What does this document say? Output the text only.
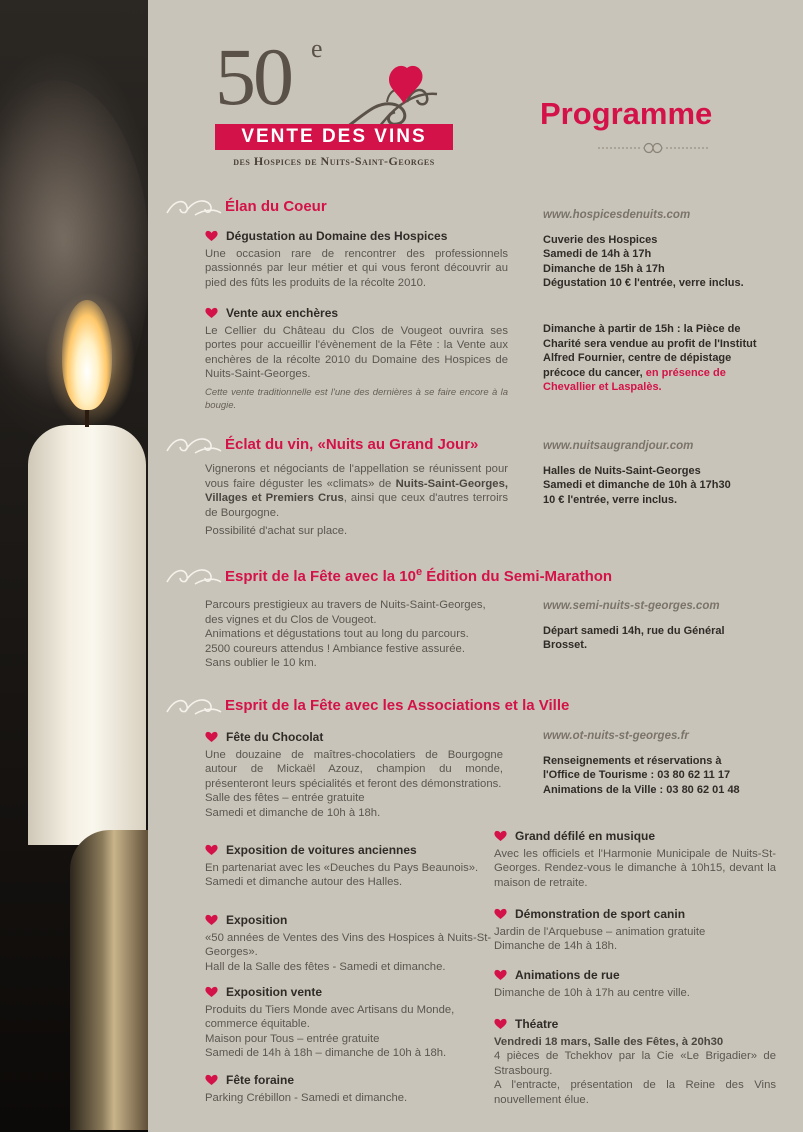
50 e
VENTE DES VINS
des Hospices de Nuits-Saint-Georges
Programme
Élan du Coeur
Dégustation au Domaine des Hospices
Une occasion rare de rencontrer des professionnels passionnés par leur métier et qui vous feront découvrir au pied des fûts les produits de la récolte 2010.
Vente aux enchères
Le Cellier du Château du Clos de Vougeot ouvrira ses portes pour accueillir l'évènement de la Fête : la Vente aux enchères de la récolte 2010 du Domaine des Hospices de Nuits-Saint-Georges.
Cette vente traditionnelle est l'une des dernières à se faire encore à la bougie.
www.hospicesdenuits.com
Cuverie des Hospices
Samedi de 14h à 17h
Dimanche de 15h à 17h
Dégustation 10 € l'entrée, verre inclus.
Dimanche à partir de 15h : la Pièce de Charité sera vendue au profit de l'Institut Alfred Fournier, centre de dépistage précoce du cancer, en présence de Chevallier et Laspalès.
Éclat du vin, «Nuits au Grand Jour»
Vignerons et négociants de l'appellation se réunissent pour vous faire déguster les «climats» de Nuits-Saint-Georges, Villages et Premiers Crus, ainsi que ceux d'autres terroirs de Bourgogne.
Possibilité d'achat sur place.
www.nuitsaugrandjour.com
Halles de Nuits-Saint-Georges
Samedi et dimanche de 10h à 17h30
10 € l'entrée, verre inclus.
Esprit de la Fête avec la 10e Édition du Semi-Marathon
Parcours prestigieux au travers de Nuits-Saint-Georges,
des vignes et du Clos de Vougeot.
Animations et dégustations tout au long du parcours.
2500 coureurs attendus ! Ambiance festive assurée.
Sans oublier le 10 km.
www.semi-nuits-st-georges.com
Départ samedi 14h, rue du Général Brosset.
Esprit de la Fête avec les Associations et la Ville
www.ot-nuits-st-georges.fr
Renseignements et réservations à
l'Office de Tourisme : 03 80 62 11 17
Animations de la Ville : 03 80 62 01 48
Fête du Chocolat
Une douzaine de maîtres-chocolatiers de Bourgogne autour de Mickaël Azouz, champion du monde, présenteront leurs spécialités et feront des démonstrations.
Salle des fêtes – entrée gratuite
Samedi et dimanche de 10h à 18h.
Exposition de voitures anciennes
En partenariat avec les «Deuches du Pays Beaunois».
Samedi et dimanche autour des Halles.
Exposition
«50 années de Ventes des Vins des Hospices à Nuits-St-Georges».
Hall de la Salle des fêtes - Samedi et dimanche.
Exposition vente
Produits du Tiers Monde avec Artisans du Monde, commerce équitable.
Maison pour Tous – entrée gratuite
Samedi de 14h à 18h – dimanche de 10h à 18h.
Fête foraine
Parking Crébillon - Samedi et dimanche.
Grand défilé en musique
Avec les officiels et l'Harmonie Municipale de Nuits-St-Georges. Rendez-vous le dimanche à 10h15, devant la maison de retraite.
Démonstration de sport canin
Jardin de l'Arquebuse – animation gratuite
Dimanche de 14h à 18h.
Animations de rue
Dimanche de 10h à 17h au centre ville.
Théatre
Vendredi 18 mars, Salle des Fêtes, à 20h30
4 pièces de Tchekhov par la Cie «Le Brigadier» de Strasbourg.
A l'entracte, présentation de la Reine des Vins nouvellement élue.
